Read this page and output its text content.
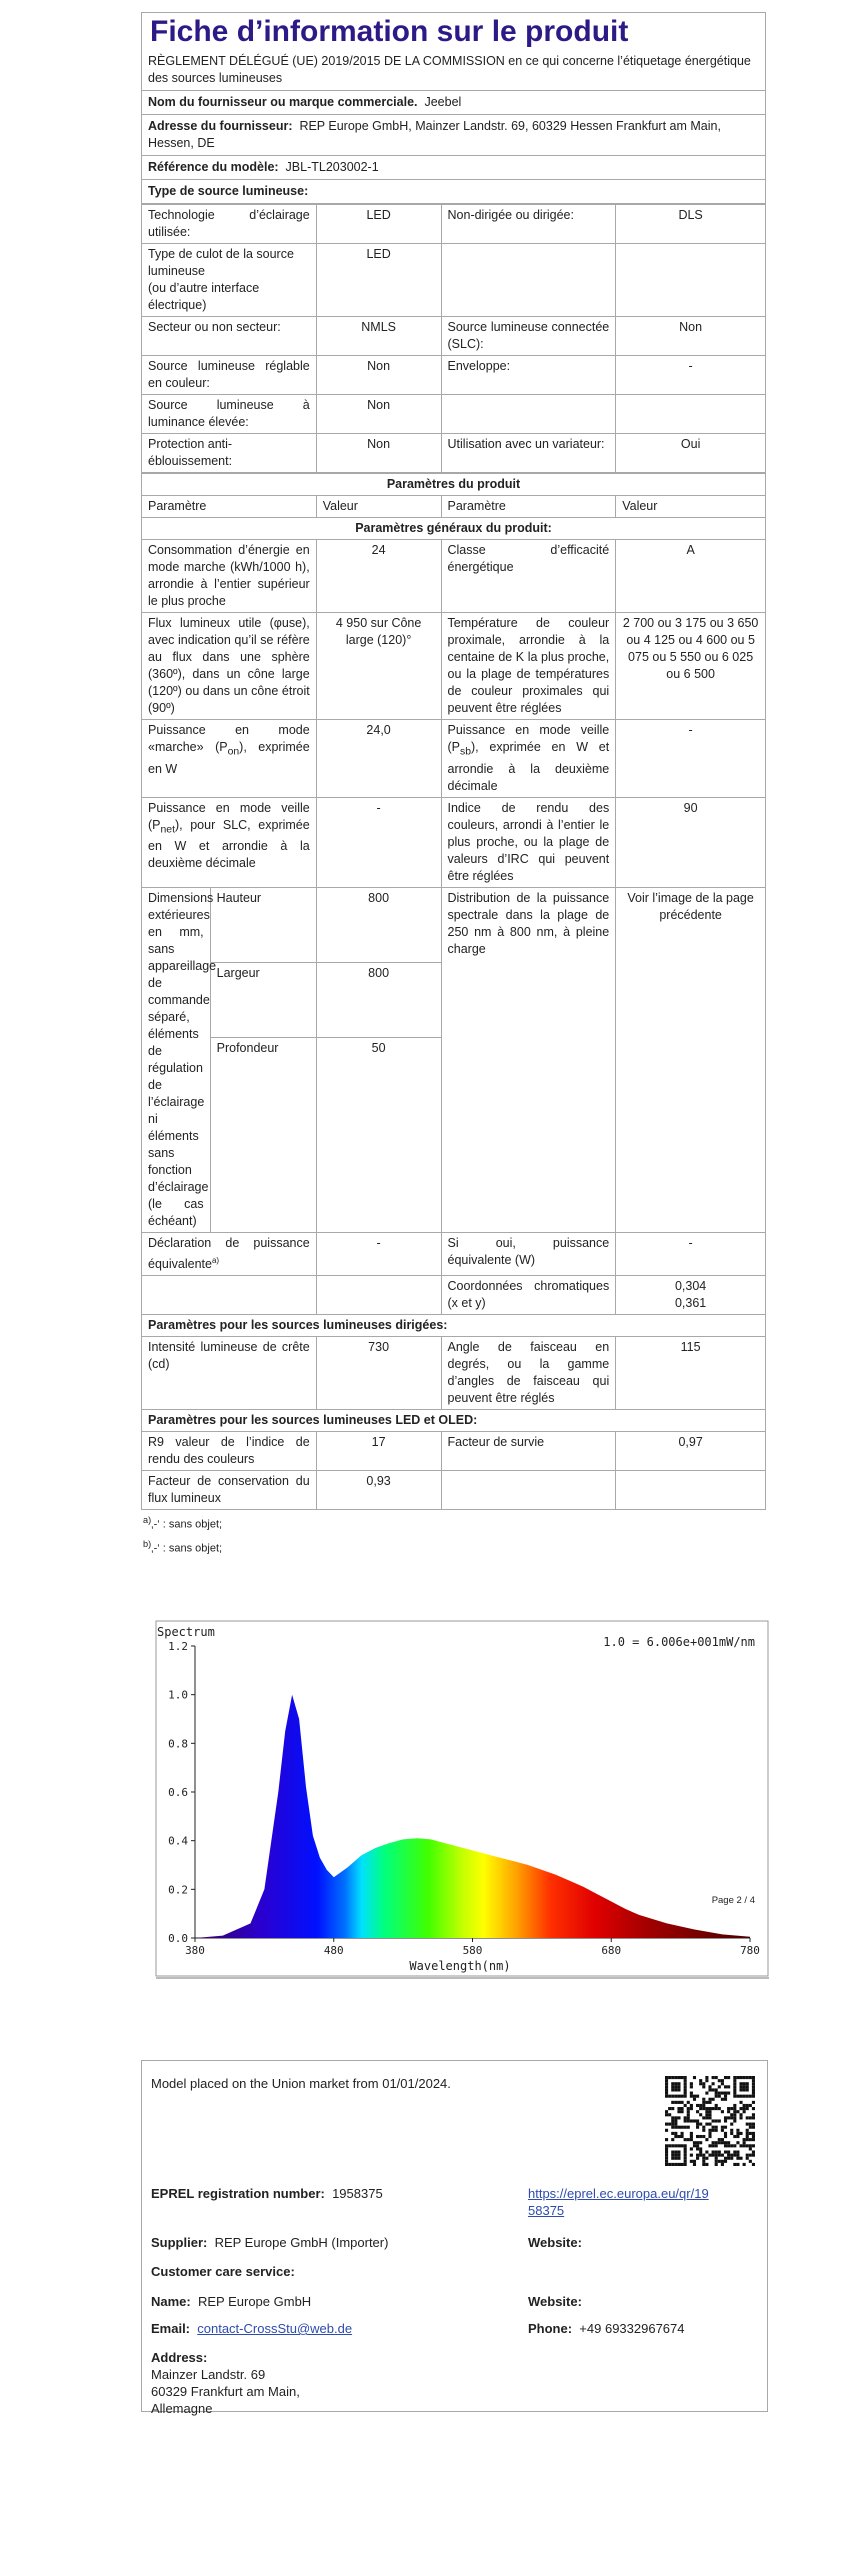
Fiche d’information sur le produit
RÈGLEMENT DÉLÉGUÉ (UE) 2019/2015 DE LA COMMISSION en ce qui concerne l’étiquetage énergétique des sources lumineuses
Nom du fournisseur ou marque commerciale. Jeebel
Adresse du fournisseur: REP Europe GmbH, Mainzer Landstr. 69, 60329 Hessen Frankfurt am Main, Hessen, DE
Référence du modèle: JBL-TL203002-1
Type de source lumineuse:
Technologie d’éclairage utilisée:	LED	Non-dirigée ou dirigée:	DLS

Type de culot de la source lumineuse
(ou d’autre interface électrique)	LED		
Secteur ou non secteur:	NMLS	Source lumineuse connectée (SLC):	Non
Source lumineuse réglable en couleur:	Non	Enveloppe:	-
Source lumineuse à luminance élevée:	Non		
Protection anti-éblouissement:	Non	Utilisation avec un variateur:	Oui
Paramètres du produit				
Paramètre		Valeur	Paramètre	Valeur
Paramètres généraux du produit:				
Consommation d’énergie en mode marche (kWh/1000 h), arrondie à l’entier supérieur le plus proche		24	Classe d’efficacité énergétique	A
Flux lumineux utile (φuse), avec indication qu’il se réfère au flux dans une sphère (360º), dans un cône large (120º) ou dans un cône étroit (90º)		4 950 sur Cône large (120)°	Température de couleur proximale, arrondie à la centaine de K la plus proche, ou la plage de températures de couleur proximales qui peuvent être réglées	2 700 ou 3 175 ou 3 650 ou 4 125 ou 4 600 ou 5 075 ou 5 550 ou 6 025 ou 6 500
Puissance en mode «marche» $(P_{on})$, exprimée en W		24,0	Puissance en mode veille $(P_{sb})$, exprimée en W et arrondie à la deuxième décimale	-
Puissance en mode veille $(P_{net})$, pour SLC, exprimée en W et arrondie à la deuxième décimale		-	Indice de rendu des couleurs, arrondi à l’entier le plus proche, ou la plage de valeurs d’IRC qui peuvent être réglées	90
Dimensions extérieures en mm, sans appareillage de commande séparé, éléments de régulation de l’éclairage ni éléments sans fonction d’éclairage (le cas échéant)	Hauteur	800	Distribution de la puissance spectrale dans la plage de 250 nm à 800 nm, à pleine charge	Voir l’image de la page précédente
	Largeur	800		
	Profondeur	50		
Déclaration de puissance équivalente$^{a)}$		-	Si oui, puissance équivalente (W)	-
			Coordonnées chromatiques (x et y)	0,304
0,361

Paramètres pour les sources lumineuses dirigées:				
Intensité lumineuse de crête (cd)		730	Angle de faisceau en degrés, ou la gamme d’angles de faisceau qui peuvent être réglés	115
Paramètres pour les sources lumineuses LED et OLED:				
R9 valeur de l’indice de rendu des couleurs		17	Facteur de survie	0,97
Facteur de conservation du flux lumineux		0,93		
$^{a)}$‚-‘ : sans objet;
$^{b)}$‚-‘ : sans objet;
Spectrum
1.0 = 6.006e+001mW/nm
Page 2 / 4
0.0
0.2
0.4
0.6
0.8
1.0
1.2
380	480	580	680	780
Wavelength(nm)
Model placed on the Union market from 01/01/2024.
EPREL registration number: 1958375	https://eprel.ec.europa.eu/qr/19
58375
Supplier: REP Europe GmbH (Importer)	Website:
Customer care service:
Name: REP Europe GmbH	Website:
Email: contact-CrossStu@web.de	Phone: +49 69332967674
Address:
Mainzer Landstr. 69
60329 Frankfurt am Main,
Allemagne
